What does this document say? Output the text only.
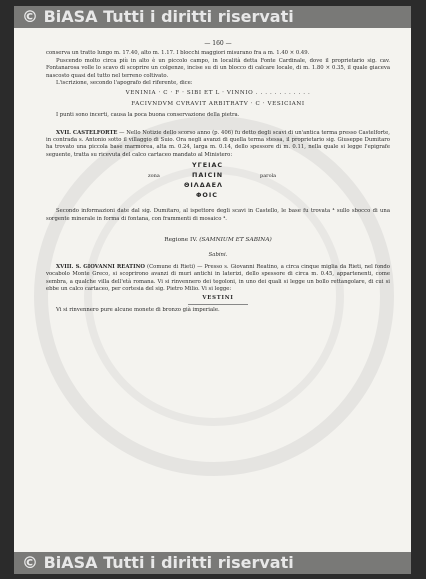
© BiASA Tutti i diritti riservati
— 160 —

conserva un tratto lungo m. 17.40, alto m. 1.17. I blocchi maggiori misurano fra a m. 1.40 × 0.49.

Puscendo molto circa più in alto è un piccolo campo, in località detta Fonte Cardinale, dove il proprietario sig. cav. Fontanarosa volle lo scavo di scoprire un colgenze, incise su di un blocco di calcare locale, di m. 1.80 × 0.35, il quale giaceva nascosto quasi del tutto nel terreno coltivato.

L'iscrizione, secondo l'apografo del riferente, dice:

VENINIA · C · F · SIBI ET L · VINNIO . . . . . . . . . . . .
FACIVNDVM CVRAVIT ARBITRATV · C · VESICIANI

I punti sono incerti, causa la poca buona conservazione della pietra.

XVII. CASTELFORTE — Nello Notizie dello scorso anno (p. 406) fu detto degli scavi di un'antica terma presso Castelforte, in contrada s. Antonio sotto il villaggio di Suio. Ora negli avanzi di quella terma stessa, il proprietario sig. Giuseppe Dumitaro ha trovato una piccola base marmorea, alta m. 0.24, larga m. 0.14, dello spessore di m. 0.11, nella quale si legge l'epigrafe seguente, tratta su ricevuta del calco cartaceo mandato al Ministero:

ΥΓΕΙΑC
zona	ΠΑΙCIN	parola
ΘΙΛΔΑΕΛ
ΦΟΙC

Secondo informazioni date dal sig. Dumitaro, al ispettore degli scavi in Castello, le base fu trovata ⁴ sullo sbocco di una sorgente minerale in forma di fontana, con frammenti di mosaico ⁴.

Regione IV. (SAMNIUM ET SABINA)
Sabini.

XVIII. S. GIOVANNI REATINO (Comune di Rieti) — Presso s. Giovanni Reatino, a circa cinque miglia da Rieti, nel fondo vocabolo Monte Greco, si scoprirono avanzi di muri antichi in laterizi, dello spessore di circa m. 0.45, appartenenti, come sembra, a qualche villa dell'età romana. Vi si rinvennero dei tegoloni, in uno dei quali si legge un bollo rettangolare, di cui si ebbe un calco cartaceo, per cortesia del sig. Pietro Milio. Vi si legge:

VESTINI

Vi si rinvennero pure alcune monete di bronzo già imperiale.

© BiASA Tutti i diritti riservati
